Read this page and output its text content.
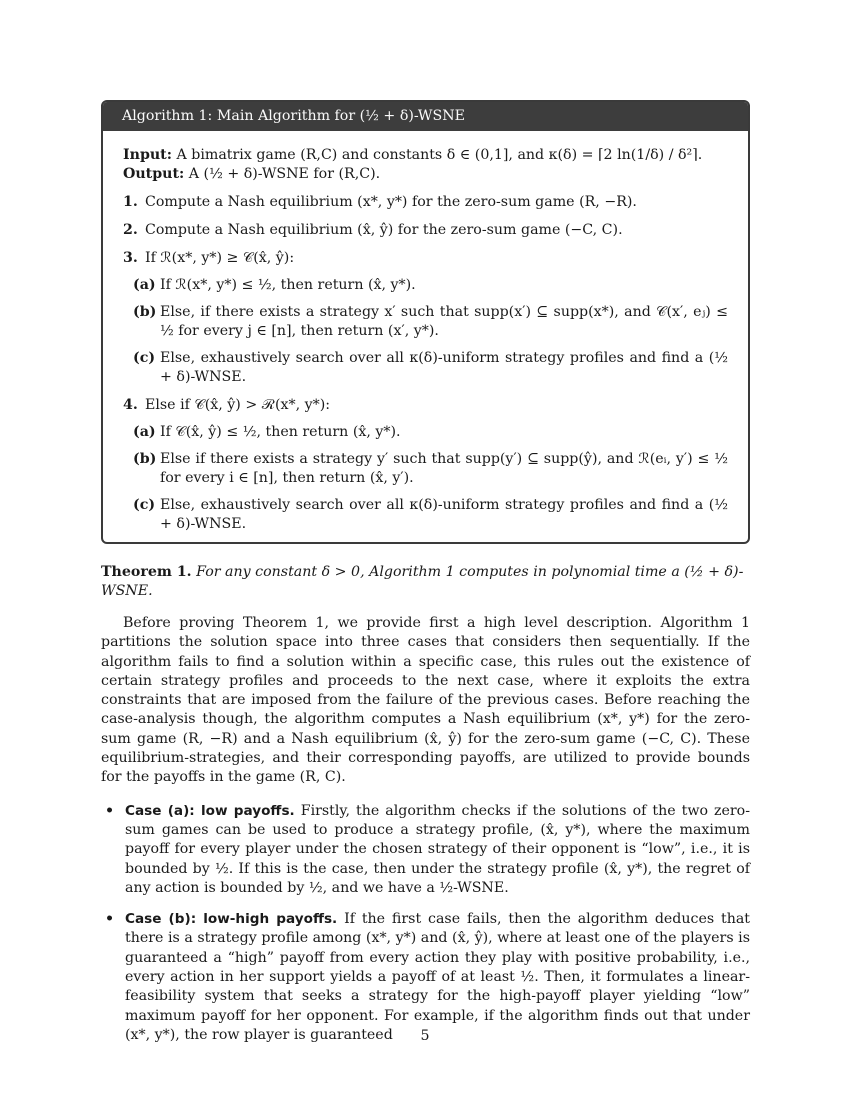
Algorithm 1: Main Algorithm for (½ + δ)-WSNE
Input: A bimatrix game (R,C) and constants δ ∈ (0,1], and κ(δ) = ⌈2 ln(1/δ) / δ²⌉.
Output: A (½ + δ)-WSNE for (R,C).
1. Compute a Nash equilibrium (x*, y*) for the zero-sum game (R, −R).
2. Compute a Nash equilibrium (x̂, ŷ) for the zero-sum game (−C, C).
3. If ℛ(x*, y*) ≥ 𝒞(x̂, ŷ):
(a) If ℛ(x*, y*) ≤ ½, then return (x̂, y*).
(b) Else, if there exists a strategy x′ such that supp(x′) ⊆ supp(x*), and 𝒞(x′, eⱼ) ≤ ½ for every j ∈ [n], then return (x′, y*).
(c) Else, exhaustively search over all κ(δ)-uniform strategy profiles and find a (½ + δ)-WNSE.
4. Else if 𝒞(x̂, ŷ) > ℛ(x*, y*):
(a) If 𝒞(x̂, ŷ) ≤ ½, then return (x̂, y*).
(b) Else if there exists a strategy y′ such that supp(y′) ⊆ supp(ŷ), and ℛ(eᵢ, y′) ≤ ½ for every i ∈ [n], then return (x̂, y′).
(c) Else, exhaustively search over all κ(δ)-uniform strategy profiles and find a (½ + δ)-WNSE.
Theorem 1. For any constant δ > 0, Algorithm 1 computes in polynomial time a (½ + δ)-WSNE.
Before proving Theorem 1, we provide first a high level description. Algorithm 1 partitions the solution space into three cases that considers then sequentially. If the algorithm fails to find a solution within a specific case, this rules out the existence of certain strategy profiles and proceeds to the next case, where it exploits the extra constraints that are imposed from the failure of the previous cases. Before reaching the case-analysis though, the algorithm computes a Nash equilibrium (x*, y*) for the zero-sum game (R, −R) and a Nash equilibrium (x̂, ŷ) for the zero-sum game (−C, C). These equilibrium-strategies, and their corresponding payoffs, are utilized to provide bounds for the payoffs in the game (R, C).
• Case (a): low payoffs. Firstly, the algorithm checks if the solutions of the two zero-sum games can be used to produce a strategy profile, (x̂, y*), where the maximum payoff for every player under the chosen strategy of their opponent is “low”, i.e., it is bounded by ½. If this is the case, then under the strategy profile (x̂, y*), the regret of any action is bounded by ½, and we have a ½-WSNE.
• Case (b): low-high payoffs. If the first case fails, then the algorithm deduces that there is a strategy profile among (x*, y*) and (x̂, ŷ), where at least one of the players is guaranteed a “high” payoff from every action they play with positive probability, i.e., every action in her support yields a payoff of at least ½. Then, it formulates a linear-feasibility system that seeks a strategy for the high-payoff player yielding “low” maximum payoff for her opponent. For example, if the algorithm finds out that under (x*, y*), the row player is guaranteed	5
